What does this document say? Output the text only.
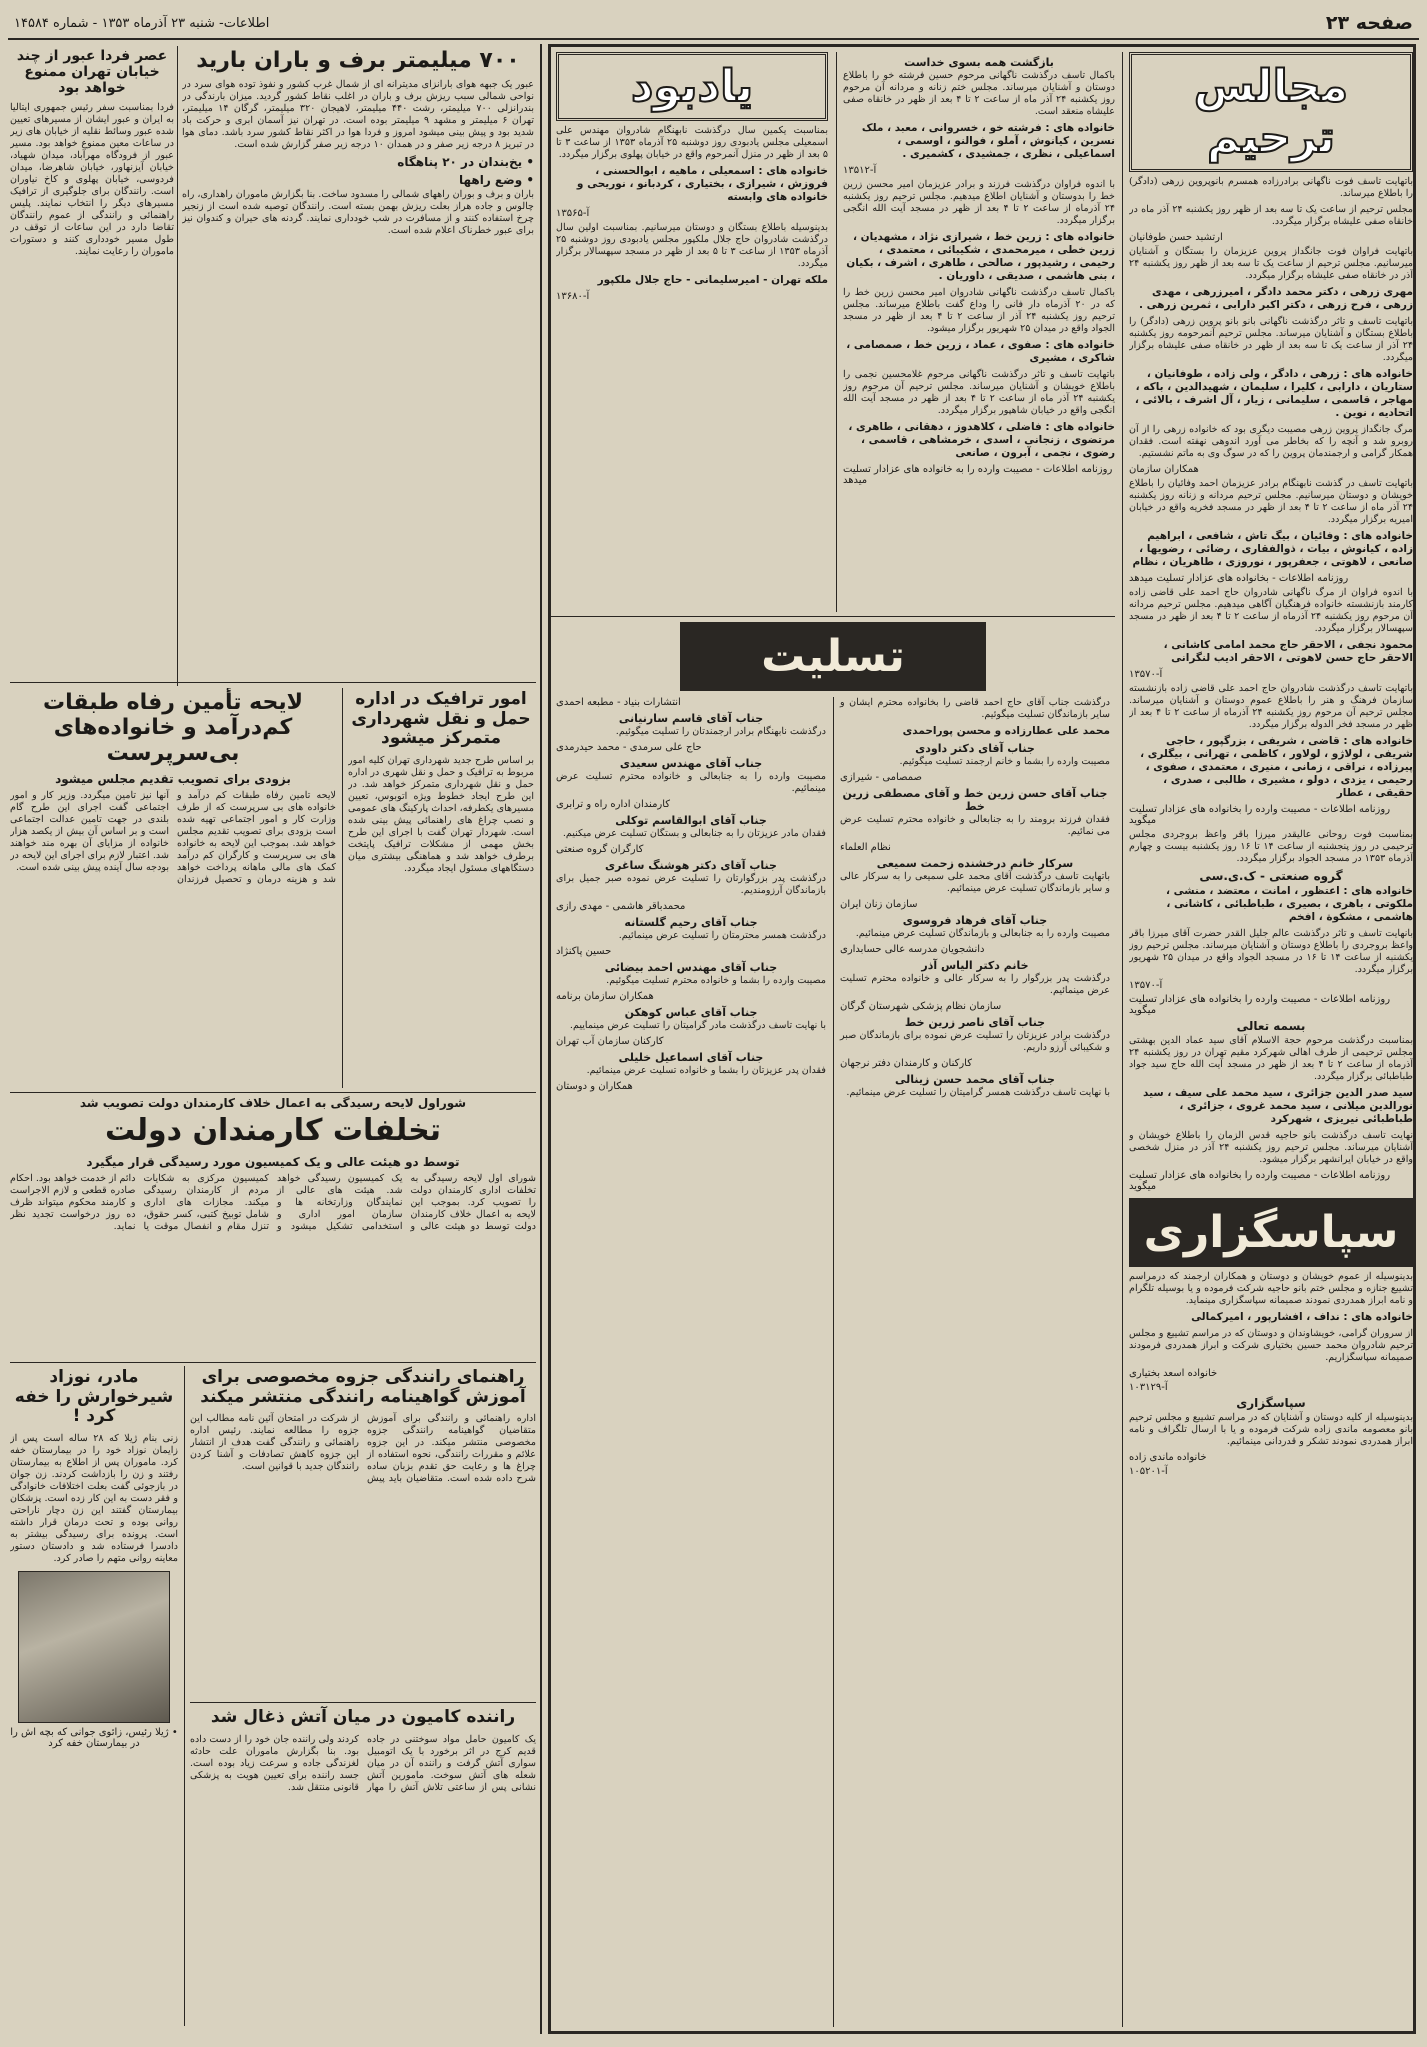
صفحه ۲۳
اطلاعات- شنبه ۲۳ آذرماه ۱۳۵۳ - شماره ۱۴۵۸۴
مجالس ترحیم

باتهایت تاسف فوت ناگهانی برادرزاده همسرم بانوپروین زرهی (دادگر) را باطلاع میرساند.

مجلس ترحیم از ساعت یک تا سه بعد از ظهر روز یکشنبه ۲۴ آذر ماه در خانقاه صفی علیشاه برگزار میگردد.

ارتشبد حسن طوفانیان

باتهایت فراوان فوت جانگداز پروین عزیزمان را بستگان و آشنایان میرسانیم. مجلس ترحیم از ساعت یک تا سه بعد از ظهر روز یکشنبه ۲۴ آذر در خانقاه صفی علیشاه برگزار میگردد.

مهری زرهی ، دکتر محمد دادگر ، امیرزرهی ، مهدی زرهی ، فرح زرهی ، دکتر اکبر دارابی ، ثمرین زرهی .

باتهایت تاسف و تاثر درگذشت ناگهانی بانو بانو پروین زرهی (دادگر) را باطلاع بستگان و آشنایان میرساند. مجلس ترحیم آنمرحومه روز یکشنبه ۲۴ آذر از ساعت یک تا سه بعد از ظهر در خانقاه صفی علیشاه برگزار میگردد.

خانواده های : زرهی ، دادگر ، ولی زاده ، طوفانیان ، ستاریان ، دارابی ، کلیرا ، سلیمان ، شهیدالدین ، باکه ، مهاجر ، قاسمی ، سلیمانی ، زیار ، آل اشرف ، بالائی ، اتحادیه ، نوین .

مرگ جانگداز پروین زرهی مصیبت دیگری بود که خانواده زرهی را از آن روبرو شد و آنچه را که بخاطر می آورد اندوهی نهفته است. فقدان همکار گرامی و ارجمندمان پروین را که در سوگ وی به ماتم نشستیم.

همکاران سازمان

باتهایت تاسف در گذشت نابهنگام برادر عزیزمان احمد وفائیان را باطلاع خویشان و دوستان میرسانیم. مجلس ترحیم مردانه و زنانه روز یکشنبه ۲۴ آذر ماه از ساعت ۲ تا ۴ بعد از ظهر در مسجد فخریه واقع در خیابان امیریه برگزار میگردد.

خانواده های : وفائیان ، بیگ تاش ، شافعی ، ابراهیم زاده ، کیانوش ، بیات ، ذوالفقاری ، رضائی ، رضویها ، صانعی ، لاهوتی ، جعفرپور ، نوروزی ، طاهریان ، نظام
روزنامه اطلاعات - بخانواده های عزادار تسلیت میدهد

با اندوه فراوان از مرگ ناگهانی شادروان حاج احمد علی قاضی زاده کارمند بازنشسته خانواده فرهنگیان آگاهی میدهیم. مجلس ترحیم مردانه آن مرحوم روز یکشنبه ۲۴ آذرماه از ساعت ۲ تا ۴ بعد از ظهر در مسجد سپهسالار برگزار میگردد.

محمود نجفی ، الاحقر حاج محمد امامی کاشانی ، الاحقر حاج حسن لاهوتی ، الاحقر ادیب لنگرانی
آ-۱۳۵۷۰

باتهایت تاسف درگذشت شادروان حاج احمد علی قاضی زاده بازنشسته سازمان فرهنگ و هنر را باطلاع عموم دوستان و آشنایان میرساند. مجلس ترحیم آن مرحوم روز یکشنبه ۲۴ آذرماه از ساعت ۲ تا ۴ بعد از ظهر در مسجد فخر الدوله برگزار میگردد.

خانواده های : قاضی ، شریفی ، بزرگپور ، حاجی شریفی ، لولاژو ، لولاور ، کاظمی ، تهرانی ، بیگلری ، پیرزاده ، نراقی ، زمانی ، منیری ، معتمدی ، صفوی ، رحیمی ، یزدی ، دولو ، مشیری ، طالبی ، صدری ، حقیقی ، عطار
روزنامه اطلاعات - مصیبت وارده را بخانواده های عزادار تسلیت میگوید

بمناسبت فوت روحانی عالیقدر میرزا باقر واعظ بروجردی مجلس ترحیمی در روز پنجشنبه از ساعت ۱۴ تا ۱۶ روز یکشنبه بیست و چهارم آذرماه ۱۳۵۳ در مسجد الجواد برگزار میگردد.

گروه صنعتی - ک.ی.سی
خانواده های : اعتظور ، امانت ، معتضد ، منشی ، ملکوتی ، باهری ، بصیری ، طباطبائی ، کاشانی ، هاشمی ، مشکوة ، افخم

بانهایت تاسف و تاثر درگذشت عالم جلیل القدر حضرت آقای میرزا باقر واعظ بروجردی را باطلاع دوستان و آشنایان میرساند. مجلس ترحیم روز یکشنبه از ساعت ۱۴ تا ۱۶ در مسجد الجواد واقع در میدان ۲۵ شهریور برگزار میگردد.

آ-۱۳۵۷۰
روزنامه اطلاعات - مصیبت وارده را بخانواده های عزادار تسلیت میگوید
بسمه تعالی

بمناسبت درگذشت مرحوم حجة الاسلام آقای سید عماد الدین بهشتی مجلس ترحیمی از طرف اهالی شهرکرد مقیم تهران در روز یکشنبه ۲۴ آذرماه از ساعت ۲ تا ۴ بعد از ظهر در مسجد آیت الله حاج سید جواد طباطبائی برگزار میگردد.

سید صدر الدین جزائری ، سید محمد علی سیف ، سید نورالدین میلانی ، سید محمد غروی ، جزائری ، طباطبائی نیریزی ، شهرکرد

نهایت تاسف درگذشت بانو حاجیه قدس الزمان را باطلاع خویشان و آشنایان میرساند. مجلس ترحیم روز یکشنبه ۲۴ آذر در منزل شخصی واقع در خیابان ایرانشهر برگزار میشود.

روزنامه اطلاعات - مصیبت وارده را بخانواده های عزادار تسلیت میگوید
سپاسگزاری

بدینوسیله از عموم خویشان و دوستان و همکاران ارجمند که درمراسم تشییع جنازه و مجلس ختم بانو حاجیه شرکت فرموده و یا بوسیله تلگرام و نامه ابراز همدردی نمودند صمیمانه سپاسگزاری مینماید.

خانواده های : نداف ، افشارپور ، امیرکمالی

از سروران گرامی، خویشاوندان و دوستان که در مراسم تشییع و مجلس ترحیم شادروان محمد حسین بختیاری شرکت و ابراز همدردی فرمودند صمیمانه سپاسگزاریم.

خانواده اسعد بختیاری
آ-۱۰۳۱۲۹
سپاسگزاری

بدینوسیله از کلیه دوستان و آشنایان که در مراسم تشییع و مجلس ترحیم بانو معصومه ماندی زاده شرکت فرموده و یا با ارسال تلگراف و نامه ابراز همدردی نمودند تشکر و قدردانی مینمائیم.

خانواده ماندی زاده
آ-۱۰۵۲۰۱
بازگشت همه بسوی خداست

باکمال تاسف درگذشت ناگهانی مرحوم حسین فرشته خو را باطلاع دوستان و آشنایان میرساند. مجلس ختم زنانه و مردانه آن مرحوم روز یکشنبه ۲۴ آذر ماه از ساعت ۲ تا ۴ بعد از ظهر در خانقاه صفی علیشاه منعقد است.

خانواده های : فرشته خو ، خسروانی ، معبد ، ملک نسرین ، کیانوش ، آملو ، فوالنو ، اوسمی ، اسماعیلی ، نظری ، جمشیدی ، کشمیری .
آ-۱۳۵۱۲

با اندوه فراوان درگذشت فرزند و برادر عزیزمان امیر محسن زرین خط را بدوستان و آشنایان اطلاع میدهیم. مجلس ترحیم روز یکشنبه ۲۴ آذرماه از ساعت ۲ تا ۴ بعد از ظهر در مسجد آیت الله انگجی برگزار میگردد.

خانواده های : زرین خط ، شیرازی نژاد ، مشهدیان ، زرین خطی ، میرمحمدی ، شکیبائی ، معتمدی ، رحیمی ، رشیدپور ، صالحی ، طاهری ، اشرف ، بکیان ، بنی هاشمی ، صدیقی ، داوریان .

باکمال تاسف درگذشت ناگهانی شادروان امیر محسن زرین خط را که در ۲۰ آذرماه دار فانی را وداع گفت باطلاع میرساند. مجلس ترحیم روز یکشنبه ۲۴ آذر از ساعت ۲ تا ۴ بعد از ظهر در مسجد الجواد واقع در میدان ۲۵ شهریور برگزار میشود.

خانواده های : صفوی ، عماد ، زرین خط ، صمصامی ، شاکری ، مشیری

باتهایت تاسف و تاثر درگذشت ناگهانی مرحوم غلامحسین نجمی را باطلاع خویشان و آشنایان میرساند. مجلس ترحیم آن مرحوم روز یکشنبه ۲۴ آذر ماه از ساعت ۲ تا ۴ بعد از ظهر در مسجد آیت الله انگجی واقع در خیابان شاهپور برگزار میگردد.

خانواده های : فاضلی ، کلاهدوز ، دهقانی ، طاهری ، مرتضوی ، زنجانی ، اسدی ، خرمشاهی ، قاسمی ، رضوی ، نجمی ، آبرون ، صانعی
روزنامه اطلاعات - مصیبت وارده را به خانواده های عزادار تسلیت میدهد
یادبود

بمناسبت یکمین سال درگذشت نابهنگام شادروان مهندس علی اسمعیلی مجلس یادبودی روز دوشنبه ۲۵ آذرماه ۱۳۵۳ از ساعت ۳ تا ۵ بعد از ظهر در منزل آنمرحوم واقع در خیابان پهلوی برگزار میگردد.

خانواده های : اسمعیلی ، ماهیه ، ابوالحسنی ، فروزش ، شیرازی ، بختیاری ، کردبانو ، نوریحی و خانواده های وابسته
آ-۱۳۵۶۵

بدینوسیله باطلاع بستگان و دوستان میرسانیم. بمناسبت اولین سال درگذشت شادروان حاج جلال ملکپور مجلس یادبودی روز دوشنبه ۲۵ آذرماه ۱۳۵۳ از ساعت ۳ تا ۵ بعد از ظهر در مسجد سپهسالار برگزار میگردد.

ملکه تهران - امیرسلیمانی - حاج جلال ملکپور
آ-۱۳۶۸۰
تسلیت

درگذشت جناب آقای حاج احمد قاضی را بخانواده محترم ایشان و سایر بازماندگان تسلیت میگوئیم.

محمد علی عطارزاده و محسن پوراحمدی
جناب آقای دکتر داودی

مصیبت وارده را بشما و خانم ارجمند تسلیت میگوئیم.

صمصامی - شیرازی
جناب آقای حسن زرین خط و آقای مصطفی زرین خط

فقدان فرزند برومند را به جنابعالی و خانواده محترم تسلیت عرض می نمائیم.

نظام العلماء
سرکار خانم درخشنده زحمت سمیعی

باتهایت تاسف درگذشت آقای محمد علی سمیعی را به سرکار عالی و سایر بازماندگان تسلیت عرض مینمائیم.

سازمان زنان ایران
جناب آقای فرهاد فروسوی

مصیبت وارده را به جنابعالی و بازماندگان تسلیت عرض مینمائیم.

دانشجویان مدرسه عالی حسابداری
خانم دکتر الیاس آذر

درگذشت پدر بزرگوار را به سرکار عالی و خانواده محترم تسلیت عرض مینمائیم.

سازمان نظام پزشکی شهرستان گرگان
جناب آقای ناصر زرین خط

درگذشت برادر عزیزتان را تسلیت عرض نموده برای بازماندگان صبر و شکیبائی آرزو داریم.

کارکنان و کارمندان دفتر نرجهان
جناب آقای محمد حسن زینالی

با نهایت تاسف درگذشت همسر گرامیتان را تسلیت عرض مینمائیم.

انتشارات بنیاد - مطبعه احمدی
جناب آقای قاسم سارنیانی

درگذشت نابهنگام برادر ارجمندتان را تسلیت میگوئیم.

حاج علی سرمدی - محمد حیدرمدی
جناب آقای مهندس سعیدی

مصیبت وارده را به جنابعالی و خانواده محترم تسلیت عرض مینمائیم.

کارمندان اداره راه و ترابری
جناب آقای ابوالقاسم توکلی

فقدان مادر عزیزتان را به جنابعالی و بستگان تسلیت عرض میکنیم.

کارگران گروه صنعتی
جناب آقای دکتر هوشنگ ساغری

درگذشت پدر بزرگوارتان را تسلیت عرض نموده صبر جمیل برای بازماندگان آرزومندیم.

محمدباقر هاشمی - مهدی رازی
جناب آقای رحیم گلستانه

درگذشت همسر محترمتان را تسلیت عرض مینمائیم.

حسین پاکنژاد
جناب آقای مهندس احمد بیضائی

مصیبت وارده را بشما و خانواده محترم تسلیت میگوئیم.

همکاران سازمان برنامه
جناب آقای عباس کوهکن

با نهایت تاسف درگذشت مادر گرامیتان را تسلیت عرض مینماییم.

کارکنان سازمان آب تهران
جناب آقای اسماعیل خلیلی

فقدان پدر عزیزتان را بشما و خانواده تسلیت عرض مینمائیم.

همکاران و دوستان
۷۰۰ میلیمتر برف و باران بارید

عبور یک جبهه هوای بارانزای مدیترانه ای از شمال غرب کشور و نفوذ توده هوای سرد در نواحی شمالی سبب ریزش برف و باران در اغلب نقاط کشور گردید. میزان بارندگی در بندرانزلی ۷۰۰ میلیمتر، رشت ۴۴۰ میلیمتر، لاهیجان ۳۲۰ میلیمتر، گرگان ۱۴ میلیمتر، تهران ۶ میلیمتر و مشهد ۹ میلیمتر بوده است. در تهران نیز آسمان ابری و حرکت باد شدید بود و پیش بینی میشود امروز و فردا هوا در اکثر نقاط کشور سرد باشد. دمای هوا در تبریز ۸ درجه زیر صفر و در همدان ۱۰ درجه زیر صفر گزارش شده است.

• یخ‌بندان در ۲۰ پناهگاه
• وضع راهها

باران و برف و بوران راههای شمالی را مسدود ساخت. بنا بگزارش ماموران راهداری، راه چالوس و جاده هراز بعلت ریزش بهمن بسته است. رانندگان توصیه شده است از زنجیر چرخ استفاده کنند و از مسافرت در شب خودداری نمایند. گردنه های حیران و کندوان نیز برای عبور خطرناک اعلام شده است.

عصر فردا عبور از چند خیابان تهران ممنوع خواهد بود

فردا بمناسبت سفر رئیس جمهوری ایتالیا به ایران و عبور ایشان از مسیرهای تعیین شده عبور وسائط نقلیه از خیابان های زیر در ساعات معین ممنوع خواهد بود. مسیر عبور از فرودگاه مهرآباد، میدان شهیاد، خیابان آیزنهاور، خیابان شاهرضا، میدان فردوسی، خیابان پهلوی و کاخ نیاوران است. رانندگان برای جلوگیری از ترافیک مسیرهای دیگر را انتخاب نمایند. پلیس راهنمائی و رانندگی از عموم رانندگان تقاضا دارد در این ساعات از توقف در طول مسیر خودداری کنند و دستورات ماموران را رعایت نمایند.

امور ترافیک در اداره حمل و نقل شهرداری متمرکز میشود

بر اساس طرح جدید شهرداری تهران کلیه امور مربوط به ترافیک و حمل و نقل شهری در اداره حمل و نقل شهرداری متمرکز خواهد شد. در این طرح ایجاد خطوط ویژه اتوبوس، تعیین مسیرهای یکطرفه، احداث پارکینگ های عمومی و نصب چراغ های راهنمائی پیش بینی شده است. شهردار تهران گفت با اجرای این طرح بخش مهمی از مشکلات ترافیک پایتخت برطرف خواهد شد و هماهنگی بیشتری میان دستگاههای مسئول ایجاد میگردد.

لایحه تأمین رفاه طبقات کم‌درآمد و خانواده‌های بی‌سرپرست
بزودی برای تصویب تقدیم مجلس میشود

لایحه تامین رفاه طبقات کم درآمد و خانواده های بی سرپرست که از طرف وزارت کار و امور اجتماعی تهیه شده است بزودی برای تصویب تقدیم مجلس خواهد شد. بموجب این لایحه به خانواده های بی سرپرست و کارگران کم درآمد کمک های مالی ماهانه پرداخت خواهد شد و هزینه درمان و تحصیل فرزندان آنها نیز تامین میگردد. وزیر کار و امور اجتماعی گفت اجرای این طرح گام بلندی در جهت تامین عدالت اجتماعی است و بر اساس آن بیش از یکصد هزار خانواده از مزایای آن بهره مند خواهند شد. اعتبار لازم برای اجرای این لایحه در بودجه سال آینده پیش بینی شده است.

شوراول لایحه رسیدگی به اعمال خلاف کارمندان دولت تصویب شد
تخلفات کارمندان دولت
توسط دو هیئت عالی و یک کمیسیون مورد رسیدگی قرار میگیرد

شورای اول لایحه رسیدگی به تخلفات اداری کارمندان دولت را تصویب کرد. بموجب این لایحه به اعمال خلاف کارمندان دولت توسط دو هیئت عالی و یک کمیسیون رسیدگی خواهد شد. هیئت های عالی از نمایندگان وزارتخانه ها و سازمان امور اداری و استخدامی تشکیل میشود و کمیسیون مرکزی به شکایات مردم از کارمندان رسیدگی میکند. مجازات های اداری شامل توبیخ کتبی، کسر حقوق، تنزل مقام و انفصال موقت یا دائم از خدمت خواهد بود. احکام صادره قطعی و لازم الاجراست و کارمند محکوم میتواند ظرف ده روز درخواست تجدید نظر نماید.

راهنمای رانندگی جزوه مخصوصی برای آموزش گواهینامه رانندگی منتشر میکند

اداره راهنمائی و رانندگی برای آموزش متقاضیان گواهینامه رانندگی جزوه مخصوصی منتشر میکند. در این جزوه علائم و مقررات رانندگی، نحوه استفاده از چراغ ها و رعایت حق تقدم بزبان ساده شرح داده شده است. متقاضیان باید پیش از شرکت در امتحان آئین نامه مطالب این جزوه را مطالعه نمایند. رئیس اداره راهنمائی و رانندگی گفت هدف از انتشار این جزوه کاهش تصادفات و آشنا کردن رانندگان جدید با قوانین است.

راننده کامیون در میان آتش ذغال شد

یک کامیون حامل مواد سوختنی در جاده قدیم کرج در اثر برخورد با یک اتومبیل سواری آتش گرفت و راننده آن در میان شعله های آتش سوخت. مامورین آتش نشانی پس از ساعتی تلاش آتش را مهار کردند ولی راننده جان خود را از دست داده بود. بنا بگزارش ماموران علت حادثه لغزندگی جاده و سرعت زیاد بوده است. جسد راننده برای تعیین هویت به پزشکی قانونی منتقل شد.

مادر، نوزاد شیرخوارش را خفه کرد !

زنی بنام ژیلا که ۲۸ ساله است پس از زایمان نوزاد خود را در بیمارستان خفه کرد. ماموران پس از اطلاع به بیمارستان رفتند و زن را بازداشت کردند. زن جوان در بازجوئی گفت بعلت اختلافات خانوادگی و فقر دست به این کار زده است. پزشکان بیمارستان گفتند این زن دچار ناراحتی روانی بوده و تحت درمان قرار داشته است. پرونده برای رسیدگی بیشتر به دادسرا فرستاده شد و دادستان دستور معاینه روانی متهم را صادر کرد.

• ژیلا رئیس، زائوی جوانی که بچه اش را در بیمارستان خفه کرد
